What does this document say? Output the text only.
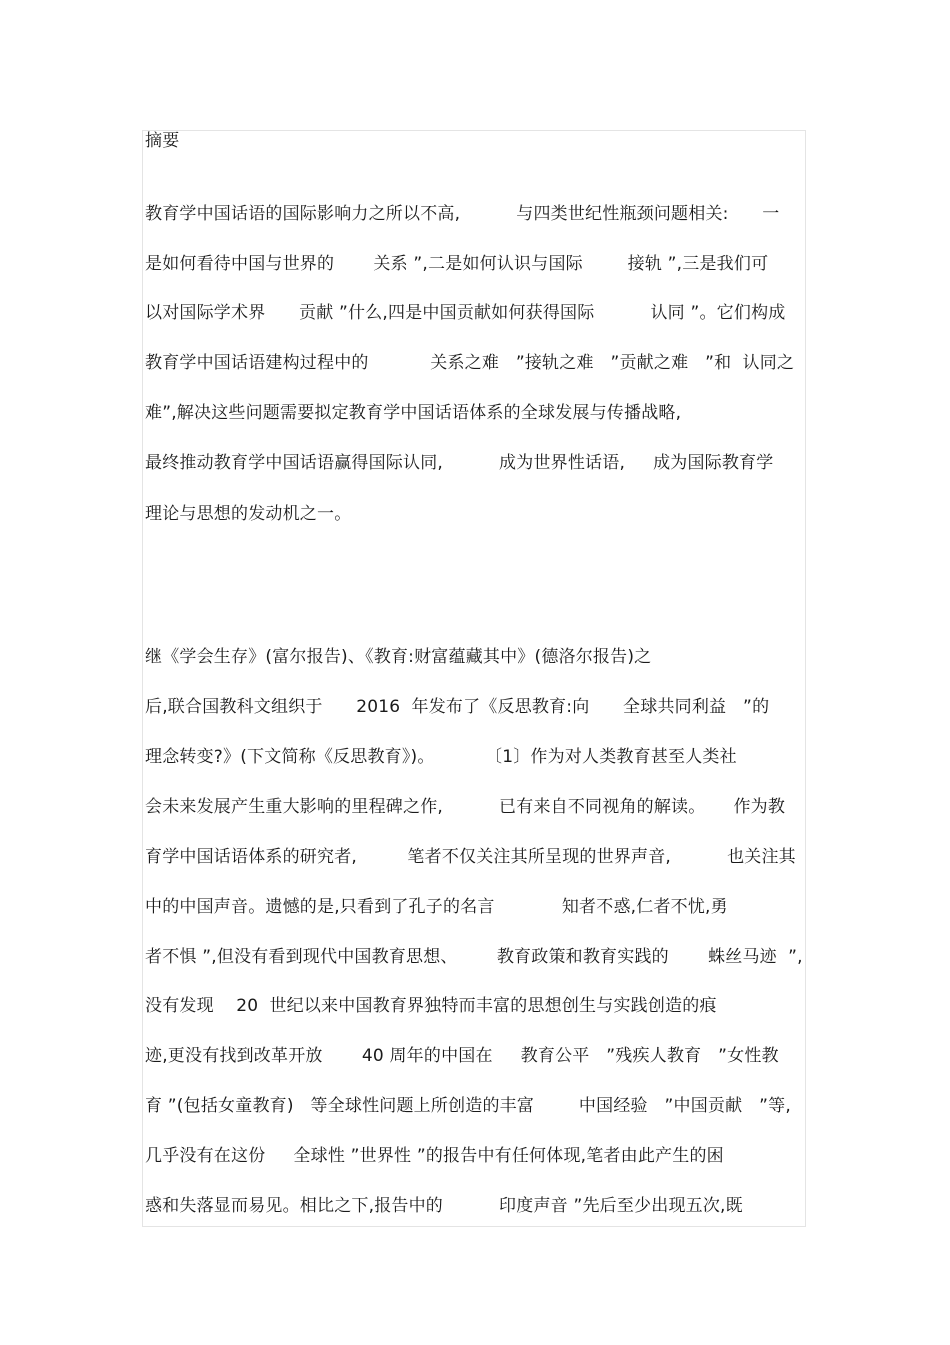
摘要
教育学中国话语的国际影响力之所以不高,          与四类世纪性瓶颈问题相关:      一
是如何看待中国与世界的       关系 ”,二是如何认识与国际        接轨 ”,三是我们可
以对国际学术界      贡献 ”什么,四是中国贡献如何获得国际          认同 ”。它们构成
教育学中国话语建构过程中的           关系之难   ”接轨之难   ”贡献之难   ”和  认同之
难”,解决这些问题需要拟定教育学中国话语体系的全球发展与传播战略,
最终推动教育学中国话语赢得国际认同,          成为世界性话语,     成为国际教育学
理论与思想的发动机之一。
继《学会生存》(富尔报告)、《教育:财富蕴藏其中》(德洛尔报告)之
后,联合国教科文组织于      2016  年发布了《反思教育:向      全球共同利益   ”的
理念转变?》(下文简称《反思教育》)。         〔1〕作为对人类教育甚至人类社
会未来发展产生重大影响的里程碑之作,          已有来自不同视角的解读。     作为教
育学中国话语体系的研究者,         笔者不仅关注其所呈现的世界声音,          也关注其
中的中国声音。遗憾的是,只看到了孔子的名言            知者不惑,仁者不忧,勇
者不惧 ”,但没有看到现代中国教育思想、       教育政策和教育实践的       蛛丝马迹  ”,
没有发现    20  世纪以来中国教育界独特而丰富的思想创生与实践创造的痕
迹,更没有找到改革开放       40 周年的中国在     教育公平   ”残疾人教育   ”女性教
育 ”(包括女童教育)   等全球性问题上所创造的丰富        中国经验   ”中国贡献   ”等,
几乎没有在这份     全球性 ”世界性 ”的报告中有任何体现,笔者由此产生的困
惑和失落显而易见。相比之下,报告中的          印度声音 ”先后至少出现五次,既
